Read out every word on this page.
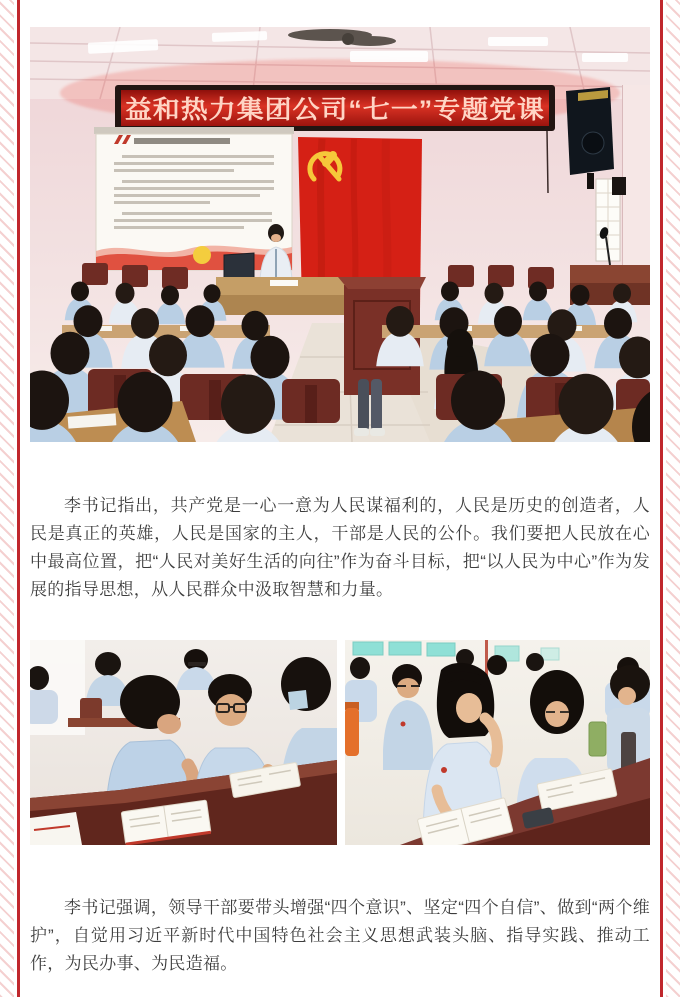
益和热力集团公司“七一”专题党课

李书记指出，共产党是一心一意为人民谋福利的，人民是历史的创造者，人民是真正的英雄，人民是国家的主人，干部是人民的公仆。我们要把人民放在心中最高位置，把“人民对美好生活的向往”作为奋斗目标，把“以人民为中心”作为发展的指导思想，从人民群众中汲取智慧和力量。

李书记强调，领导干部要带头增强“四个意识”、坚定“四个自信”、做到“两个维护”，自觉用习近平新时代中国特色社会主义思想武装头脑、指导实践、推动工作，为民办事、为民造福。
